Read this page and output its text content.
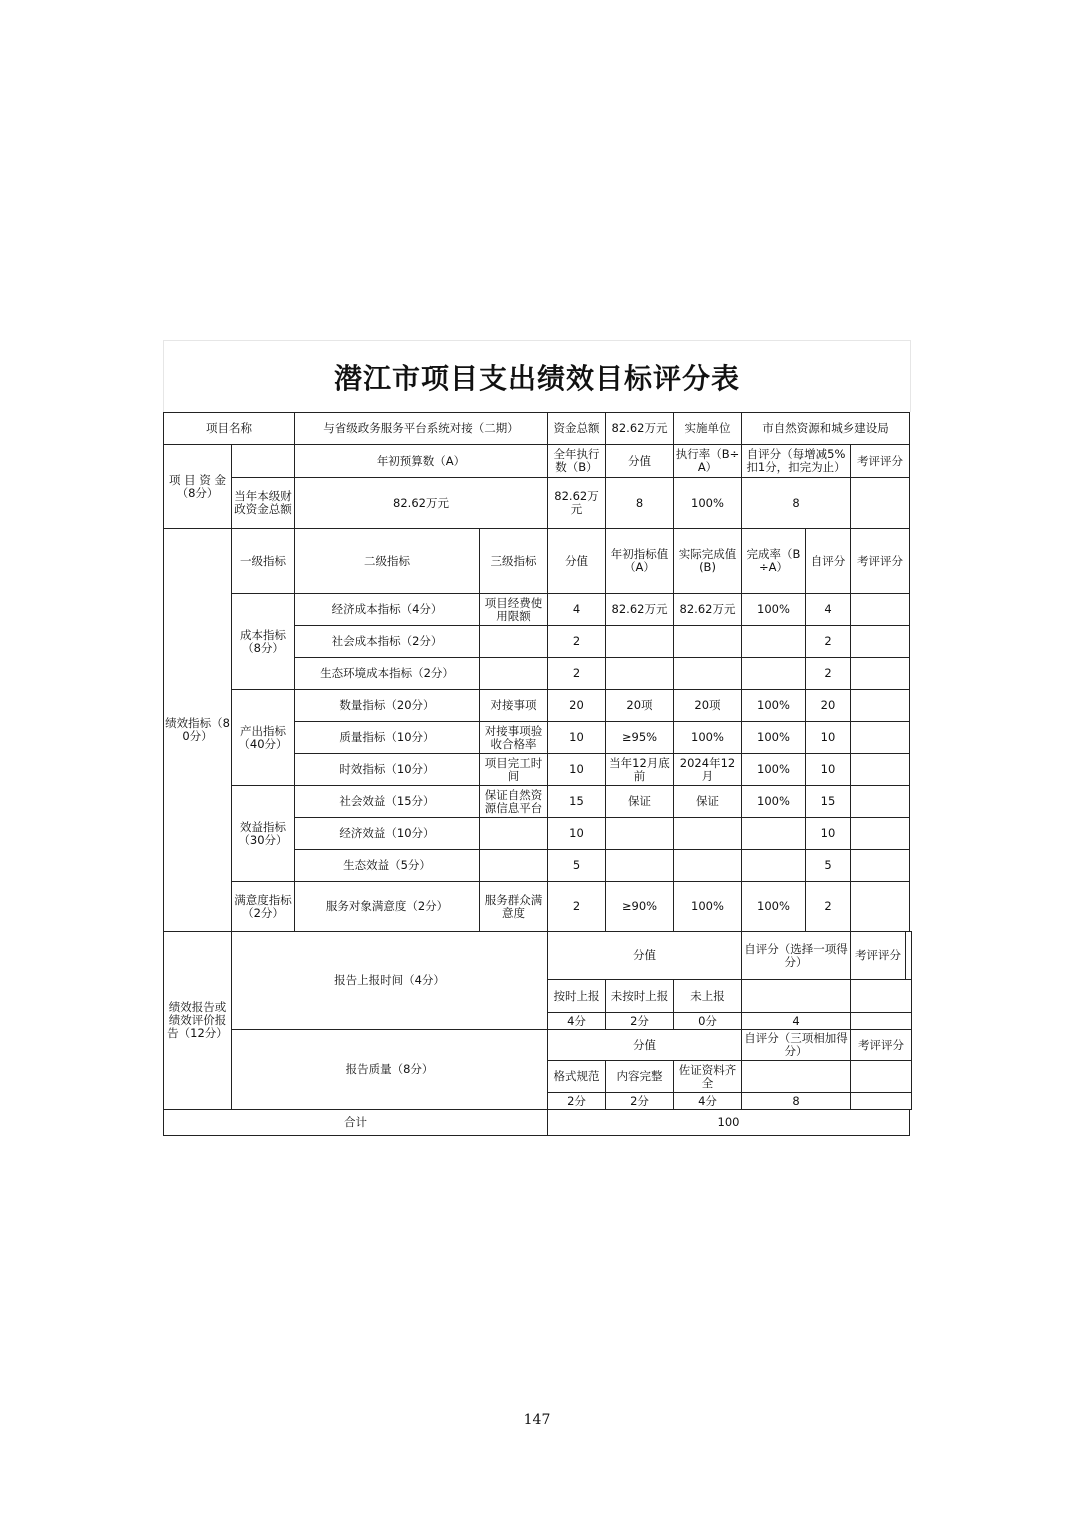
潜江市项目支出绩效目标评分表
项目名称		与省级政务服务平台系统对接（二期）		资金总额	82.62万元	实施单位	市自然资源和城乡建设局			
项 目 资 金（8分）		年初预算数（A）		全年执行数（B）	分值	执行率（B÷A）	自评分（每增减5%扣1分，扣完为止）		考评评分	
	当年本级财政资金总额	82.62万元		82.62万元	8	100%	8			
绩效指标（80分）	一级指标	二级指标	三级指标	分值	年初指标值（A）	实际完成值(B)	完成率（B÷A）	自评分	考评评分	
	成本指标（8分）	经济成本指标（4分）	项目经费使用限额	4	82.62万元	82.62万元	100%	4		
		社会成本指标（2分）		2				2		
		生态环境成本指标（2分）		2				2		
	产出指标（40分）	数量指标（20分）	对接事项	20	20项	20项	100%	20		
		质量指标（10分）	对接事项验收合格率	10	≥95%	100%	100%	10		
		时效指标（10分）	项目完工时间	10	当年12月底前	2024年12月	100%	10		
	效益指标（30分）	社会效益（15分）	保证自然资源信息平台	15	保证	保证	100%	15		
		经济效益（10分）		10				10		
		生态效益（5分）		5				5		
	满意度指标（2分）	服务对象满意度（2分）	服务群众满意度	2	≥90%	100%	100%	2		
绩效报告或绩效评价报告（12分）	报告上报时间（4分）			分值			自评分（选择一项得分）		考评评分	
				按时上报	未按时上报	未上报				
				4分	2分	0分	4			
	报告质量（8分）			分值			自评分（三项相加得分）		考评评分	
				格式规范	内容完整	佐证资料齐全				
				2分	2分	4分	8			
合计				100						
147
